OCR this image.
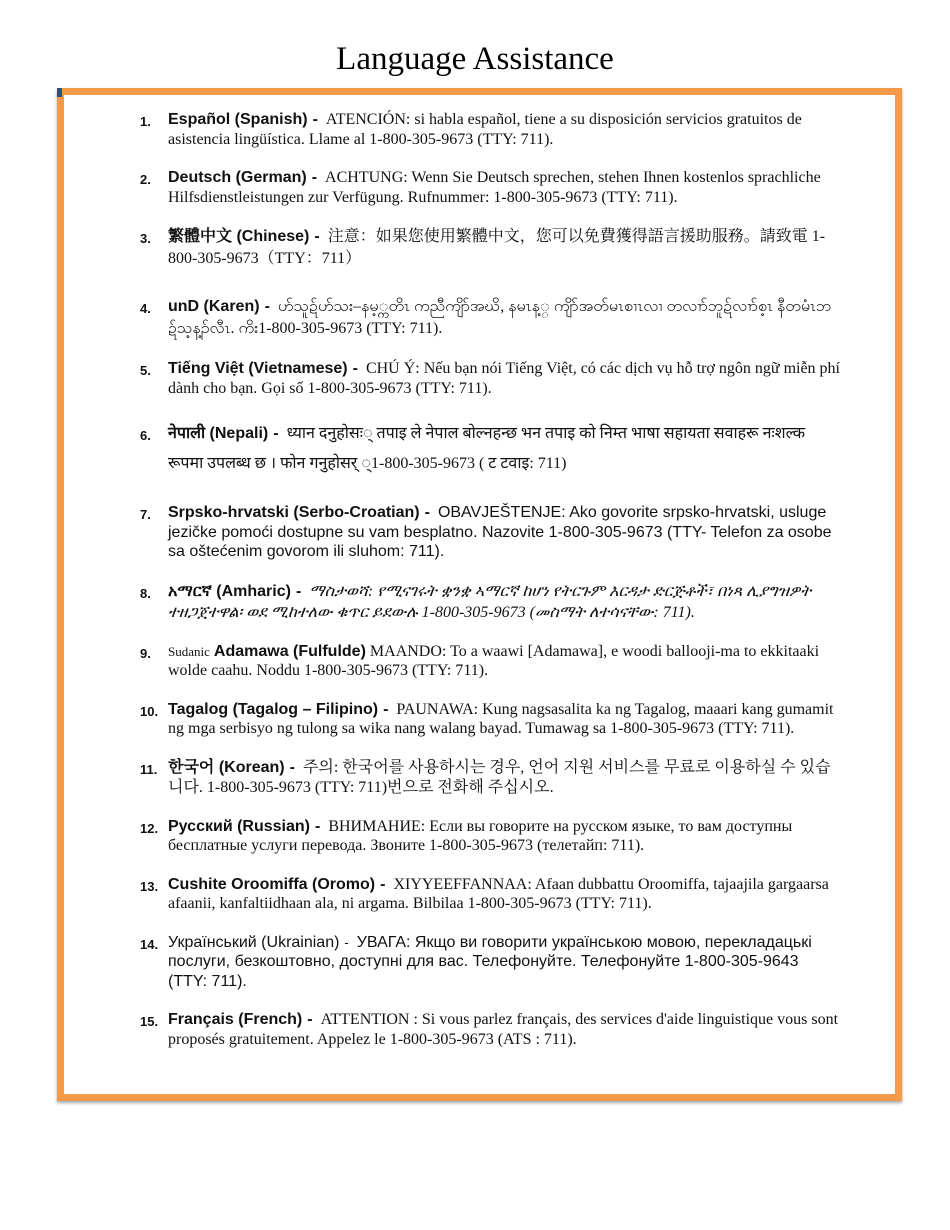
Language Assistance
1. Español (Spanish) - ATENCIÓN: si habla español, tiene a su disposición servicios gratuitos de asistencia lingüística. Llame al 1-800-305-9673 (TTY: 711).
2. Deutsch (German) - ACHTUNG: Wenn Sie Deutsch sprechen, stehen Ihnen kostenlos sprachliche Hilfsdienstleistungen zur Verfügung. Rufnummer: 1-800-305-9673 (TTY: 711).
3. 繁體中文 (Chinese) - 注意：如果您使用繁體中文，您可以免費獲得語言援助服務。請致電 1-800-305-9673（TTY：711）
4. unD (Karen) - ဟ်သူဍ်ဟ်သး–နမ့္ကတိၤ ကညီကျိာ်အဃိ, နမၤန့္ ကျိာ်အတ်မၤစၢၤလၢ တလၢာ်ဘူဍ်လၢာ်စ့ၤ နီတမံၤဘဍ်သ့န့ၣ်လီၤ. ကိး1-800-305-9673 (TTY: 711).
5. Tiếng Việt (Vietnamese) - CHÚ Ý: Nếu bạn nói Tiếng Việt, có các dịch vụ hỗ trợ ngôn ngữ miễn phí dành cho bạn. Gọi số 1-800-305-9673 (TTY: 711).
6. नेपाली (Nepali) - ध्यान दनुहोसः् तपाइ ले नेपाल बोल्नहन्छ भन तपाइ को निम्त भाषा सहायता सवाहरू नःशल्क रूपमा उपलब्ध छ । फोन गनुहोसर् ्1-800-305-9673 ( ट टवाइ: 711)
7. Srpsko-hrvatski (Serbo-Croatian) - OBAVJEŠTENJE: Ako govorite srpsko-hrvatski, usluge jezičke pomoći dostupne su vam besplatno. Nazovite 1-800-305-9673 (TTY- Telefon za osobe sa oštećenim govorom ili sluhom: 711).
8. አማርኛ (Amharic) - ማስታወሻ: የሚናገሩት ቋንቋ ኣማርኛ ከሆነ የትርጉም እርዳታ ድርጅቶች፣ በነጻ ሊያግዝዎት ተዘጋጀተዋል፡ ወደ ሚከተለው ቁጥር ይደውሉ 1-800-305-9673 (መስማት ለተሳናቸው: 711).
9. Sudanic Adamawa (Fulfulde) MAANDO: To a waawi [Adamawa], e woodi ballooji-ma to ekkitaaki wolde caahu. Noddu 1-800-305-9673 (TTY: 711).
10. Tagalog (Tagalog – Filipino) - PAUNAWA: Kung nagsasalita ka ng Tagalog, maaari kang gumamit ng mga serbisyo ng tulong sa wika nang walang bayad. Tumawag sa 1-800-305-9673 (TTY: 711).
11. 한국어 (Korean) - 주의: 한국어를 사용하시는 경우, 언어 지원 서비스를 무료로 이용하실 수 있습니다. 1-800-305-9673 (TTY: 711)번으로 전화해 주십시오.
12. Русский (Russian) - ВНИМАНИЕ: Если вы говорите на русском языке, то вам доступны бесплатные услуги перевода. Звоните 1-800-305-9673 (телетайп: 711).
13. Cushite Oroomiffa (Oromo) - XIYYEEFFANNAA: Afaan dubbattu Oroomiffa, tajaajila gargaarsa afaanii, kanfaltiidhaan ala, ni argama. Bilbilaa 1-800-305-9673 (TTY: 711).
14. Український (Ukrainian) - УВАГА: Якщо ви говорити українською мовою, перекладацькі послуги, безкоштовно, доступні для вас. Телефонуйте. Телефонуйте 1-800-305-9643 (TTY: 711).
15. Français (French) - ATTENTION : Si vous parlez français, des services d'aide linguistique vous sont proposés gratuitement. Appelez le 1-800-305-9673 (ATS : 711).
